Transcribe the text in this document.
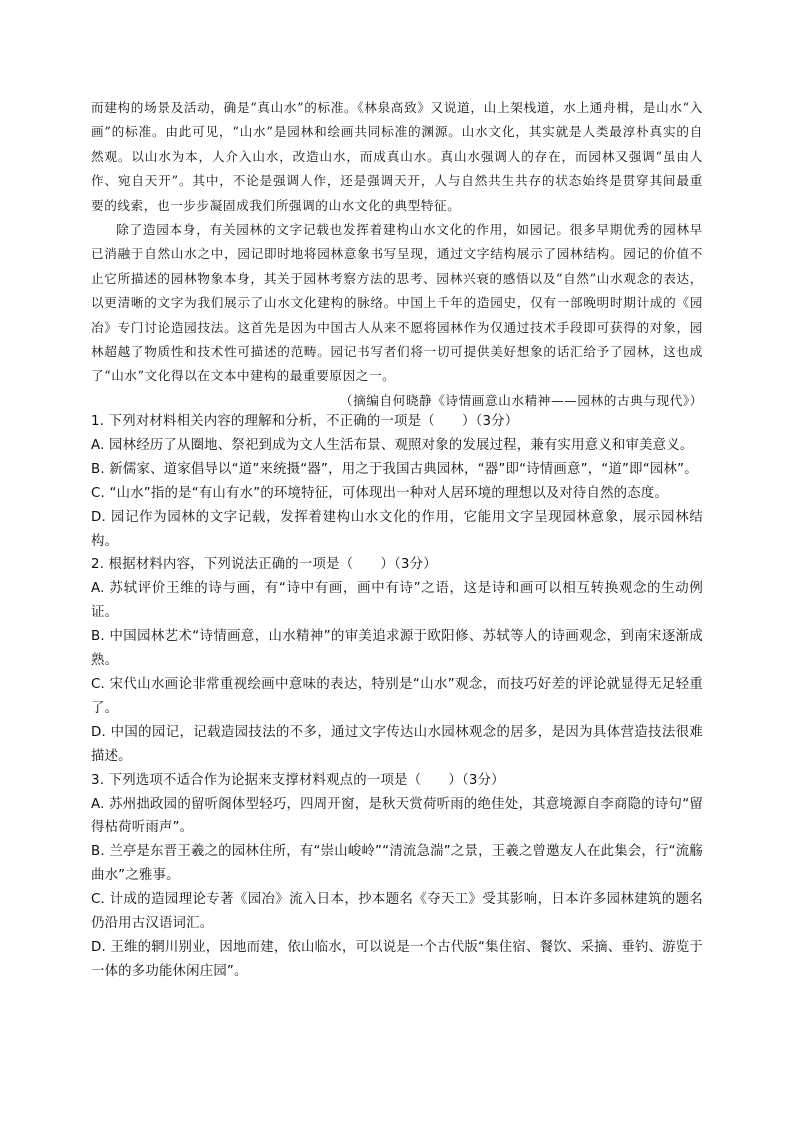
而建构的场景及活动，确是“真山水”的标准。《林泉高致》又说道，山上架栈道，水上通舟楫，是山水“入画”的标准。由此可见，“山水”是园林和绘画共同标准的渊源。山水文化，其实就是人类最淳朴真实的自然观。以山水为本，人介入山水，改造山水，而成真山水。真山水强调人的存在，而园林又强调“虽由人作、宛自天开”。其中，不论是强调人作，还是强调天开，人与自然共生共存的状态始终是贯穿其间最重要的线索，也一步步凝固成我们所强调的山水文化的典型特征。

除了造园本身，有关园林的文字记载也发挥着建构山水文化的作用，如园记。很多早期优秀的园林早已消融于自然山水之中，园记即时地将园林意象书写呈现，通过文字结构展示了园林结构。园记的价值不止它所描述的园林物象本身，其关于园林考察方法的思考、园林兴衰的感悟以及“自然”山水观念的表达，以更清晰的文字为我们展示了山水文化建构的脉络。中国上千年的造园史，仅有一部晚明时期计成的《园冶》专门讨论造园技法。这首先是因为中国古人从来不愿将园林作为仅通过技术手段即可获得的对象，园林超越了物质性和技术性可描述的范畴。园记书写者们将一切可提供美好想象的话汇给予了园林，这也成了“山水”文化得以在文本中建构的最重要原因之一。

（摘编自何晓静《诗情画意山水精神——园林的古典与现代》）

1. 下列对材料相关内容的理解和分析，不正确的一项是（　　）（3分）

A. 园林经历了从圈地、祭祀到成为文人生活布景、观照对象的发展过程，兼有实用意义和审美意义。

B. 新儒家、道家倡导以“道”来统摄“器”，用之于我国古典园林，“器”即“诗情画意”，“道”即“园林”。

C. “山水”指的是“有山有水”的环境特征，可体现出一种对人居环境的理想以及对待自然的态度。

D. 园记作为园林的文字记载，发挥着建构山水文化的作用，它能用文字呈现园林意象，展示园林结构。

2. 根据材料内容，下列说法正确的一项是（　　）（3分）

A. 苏轼评价王维的诗与画，有“诗中有画，画中有诗”之语，这是诗和画可以相互转换观念的生动例证。

B. 中国园林艺术“诗情画意，山水精神”的审美追求源于欧阳修、苏轼等人的诗画观念，到南宋逐渐成熟。

C. 宋代山水画论非常重视绘画中意味的表达，特别是“山水”观念，而技巧好差的评论就显得无足轻重了。

D. 中国的园记，记载造园技法的不多，通过文字传达山水园林观念的居多，是因为具体营造技法很难描述。

3. 下列选项不适合作为论据来支撑材料观点的一项是（　　）（3分）

A. 苏州拙政园的留听阁体型轻巧，四周开窗，是秋天赏荷听雨的绝佳处，其意境源自李商隐的诗句“留得枯荷听雨声”。

B. 兰亭是东晋王羲之的园林住所，有“崇山峻岭”“清流急湍”之景，王羲之曾邀友人在此集会，行“流觞曲水”之雅事。

C. 计成的造园理论专著《园冶》流入日本，抄本题名《夺天工》受其影响，日本许多园林建筑的题名仍沿用古汉语词汇。

D. 王维的辋川别业，因地而建，依山临水，可以说是一个古代版“集住宿、餐饮、采摘、垂钓、游览于一体的多功能休闲庄园”。
